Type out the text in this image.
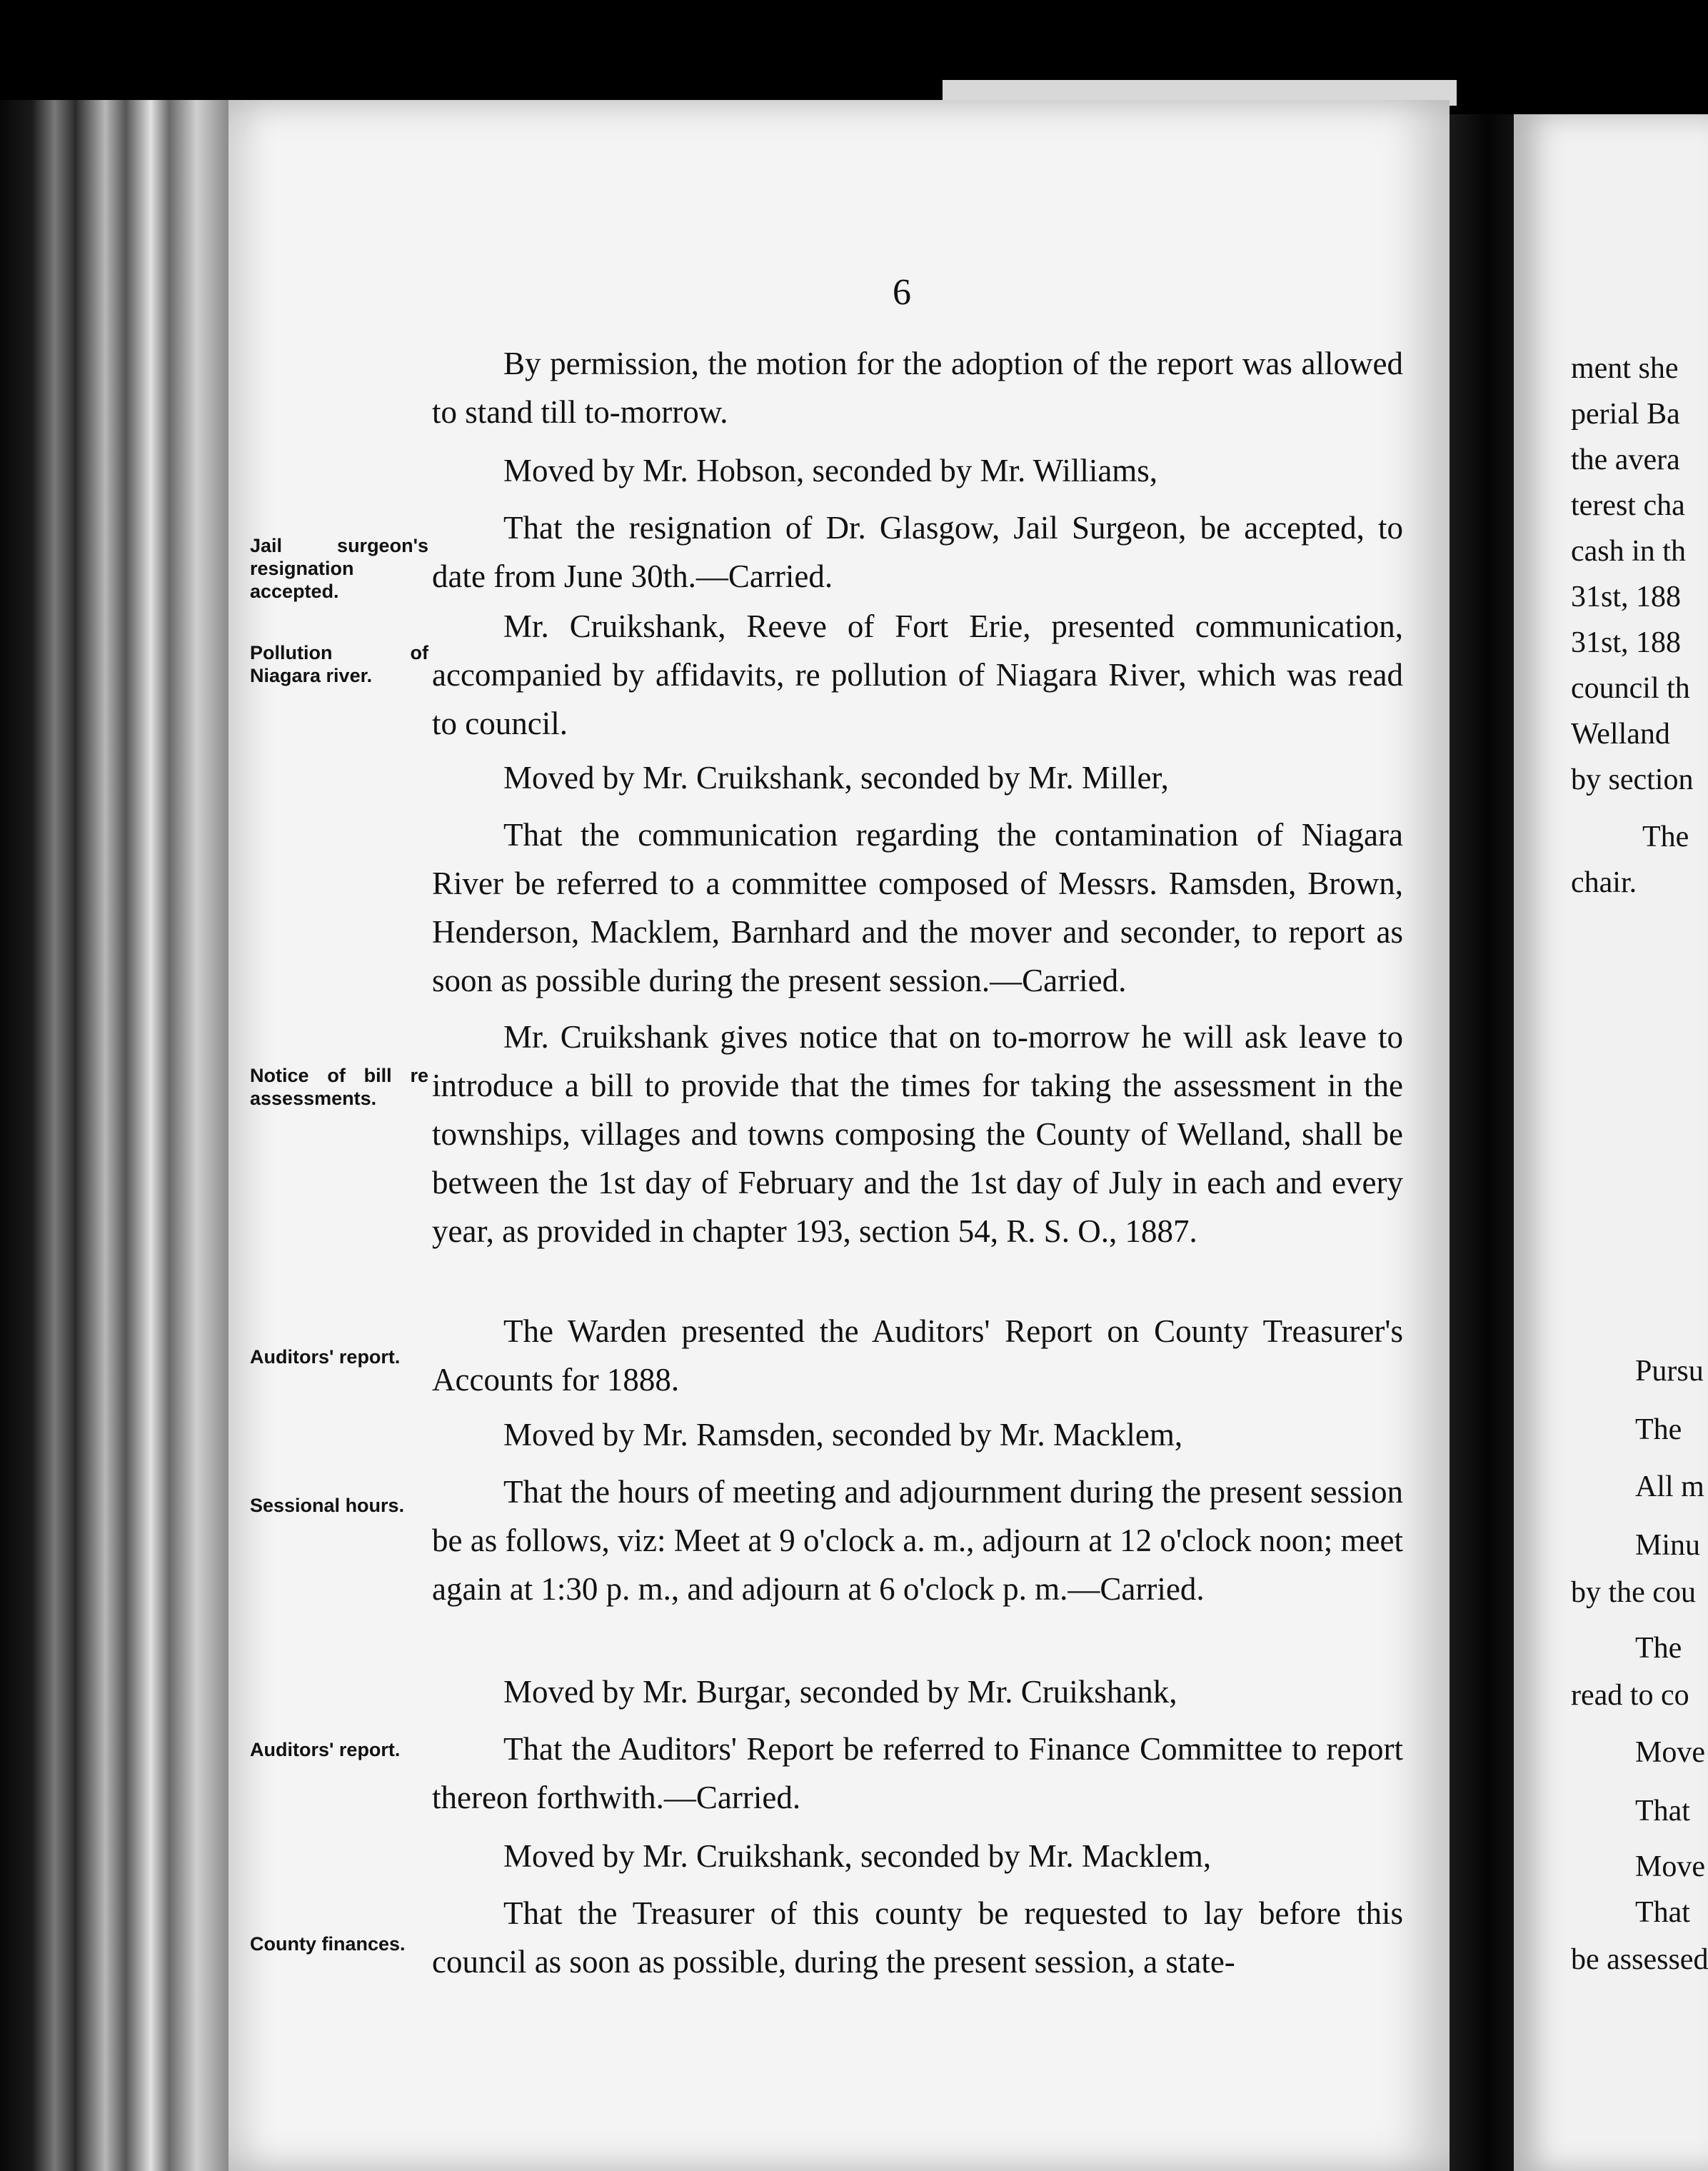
6
Jail surgeon's resignation accepted.
Pollution of Niagara river.
Notice of bill re assessments.
Auditors' report.
Sessional hours.
Auditors' report.
County finances.

By permission, the motion for the adoption of the report was allowed to stand till to-morrow.

Moved by Mr. Hobson, seconded by Mr. Williams,

That the resignation of Dr. Glasgow, Jail Surgeon, be accepted, to date from June 30th.—Carried.

Mr. Cruikshank, Reeve of Fort Erie, presented communication, accompanied by affidavits, re pollution of Niagara River, which was read to council.

Moved by Mr. Cruikshank, seconded by Mr. Miller,

That the communication regarding the contamination of Niagara River be referred to a committee composed of Messrs. Ramsden, Brown, Henderson, Macklem, Barnhard and the mover and seconder, to report as soon as possible during the present session.—Carried.

Mr. Cruikshank gives notice that on to-morrow he will ask leave to introduce a bill to provide that the times for taking the assessment in the townships, villages and towns composing the County of Welland, shall be between the 1st day of February and the 1st day of July in each and every year, as provided in chapter 193, section 54, R. S. O., 1887.

The Warden presented the Auditors' Report on County Treasurer's Accounts for 1888.

Moved by Mr. Ramsden, seconded by Mr. Macklem,

That the hours of meeting and adjournment during the present session be as follows, viz: Meet at 9 o'clock a. m., adjourn at 12 o'clock noon; meet again at 1:30 p. m., and adjourn at 6 o'clock p. m.—Carried.

Moved by Mr. Burgar, seconded by Mr. Cruikshank,

That the Auditors' Report be referred to Finance Committee to report thereon forthwith.—Carried.

Moved by Mr. Cruikshank, seconded by Mr. Macklem,

That the Treasurer of this county be requested to lay before this council as soon as possible, during the present session, a state-

ment she
perial Ba
the avera
terest cha
cash in th
31st, 188
31st, 188
council th
Welland
by section
The
chair.
Pursu
The
All m
Minu
by the cou
The
read to co
Move
That
Move
That
be assessed
